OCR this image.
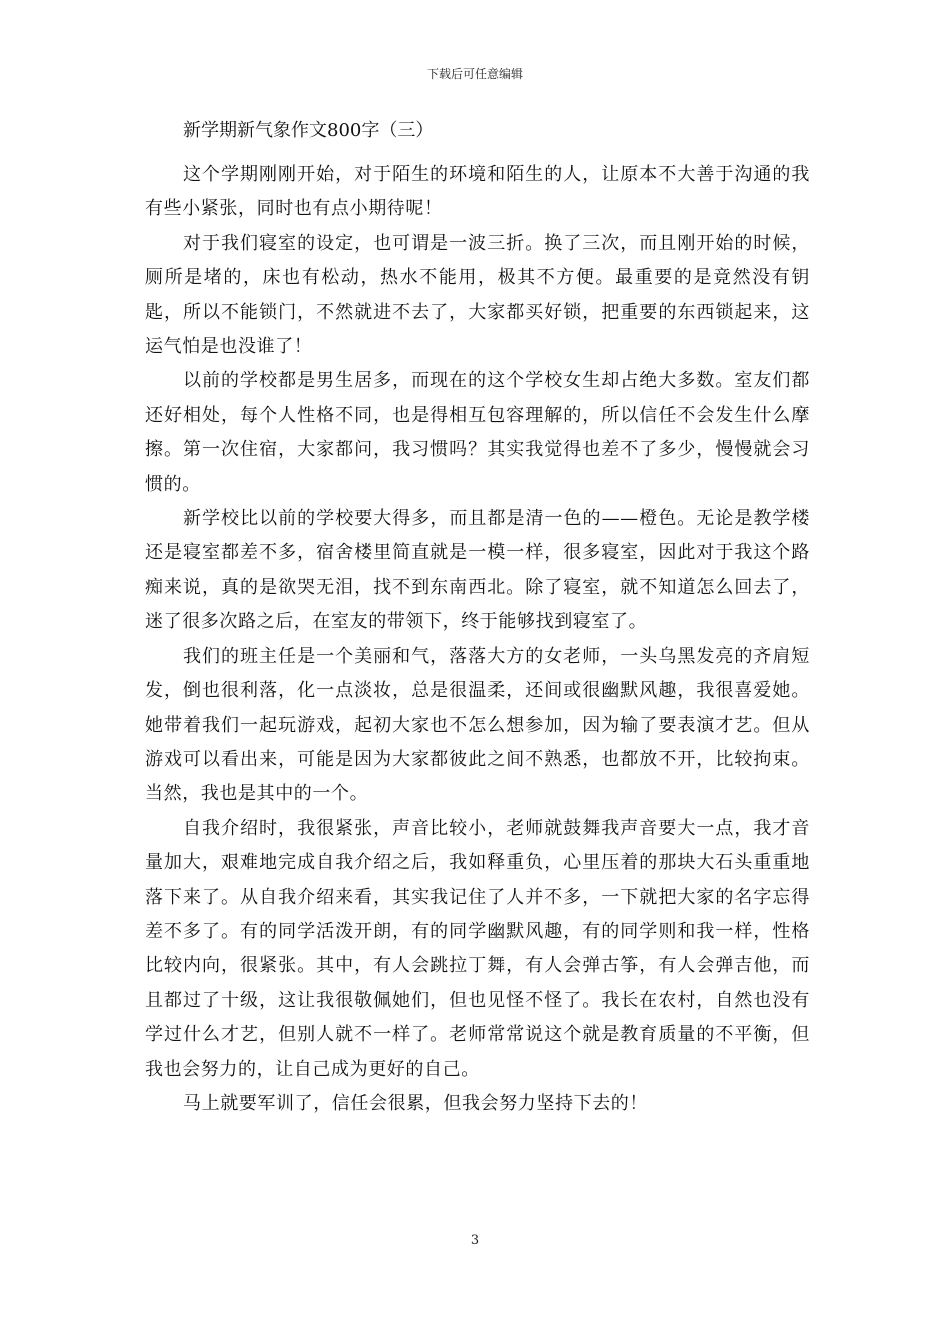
下载后可任意编辑

新学期新气象作文800字（三）

这个学期刚刚开始，对于陌生的环境和陌生的人，让原本不大善于沟通的我有些小紧张，同时也有点小期待呢！

对于我们寝室的设定，也可谓是一波三折。换了三次，而且刚开始的时候，厕所是堵的，床也有松动，热水不能用，极其不方便。最重要的是竟然没有钥匙，所以不能锁门，不然就进不去了，大家都买好锁，把重要的东西锁起来，这运气怕是也没谁了！

以前的学校都是男生居多，而现在的这个学校女生却占绝大多数。室友们都还好相处，每个人性格不同，也是得相互包容理解的，所以信任不会发生什么摩擦。第一次住宿，大家都问，我习惯吗？其实我觉得也差不了多少，慢慢就会习惯的。

新学校比以前的学校要大得多，而且都是清一色的——橙色。无论是教学楼还是寝室都差不多，宿舍楼里简直就是一模一样，很多寝室，因此对于我这个路痴来说，真的是欲哭无泪，找不到东南西北。除了寝室，就不知道怎么回去了，迷了很多次路之后，在室友的带领下，终于能够找到寝室了。

我们的班主任是一个美丽和气，落落大方的女老师，一头乌黑发亮的齐肩短发，倒也很利落，化一点淡妆，总是很温柔，还间或很幽默风趣，我很喜爱她。她带着我们一起玩游戏，起初大家也不怎么想参加，因为输了要表演才艺。但从游戏可以看出来，可能是因为大家都彼此之间不熟悉，也都放不开，比较拘束。当然，我也是其中的一个。

自我介绍时，我很紧张，声音比较小，老师就鼓舞我声音要大一点，我才音量加大，艰难地完成自我介绍之后，我如释重负，心里压着的那块大石头重重地落下来了。从自我介绍来看，其实我记住了人并不多，一下就把大家的名字忘得差不多了。有的同学活泼开朗，有的同学幽默风趣，有的同学则和我一样，性格比较内向，很紧张。其中，有人会跳拉丁舞，有人会弹古筝，有人会弹吉他，而且都过了十级，这让我很敬佩她们，但也见怪不怪了。我长在农村，自然也没有学过什么才艺，但别人就不一样了。老师常常说这个就是教育质量的不平衡，但我也会努力的，让自己成为更好的自己。

马上就要军训了，信任会很累，但我会努力坚持下去的！

3
